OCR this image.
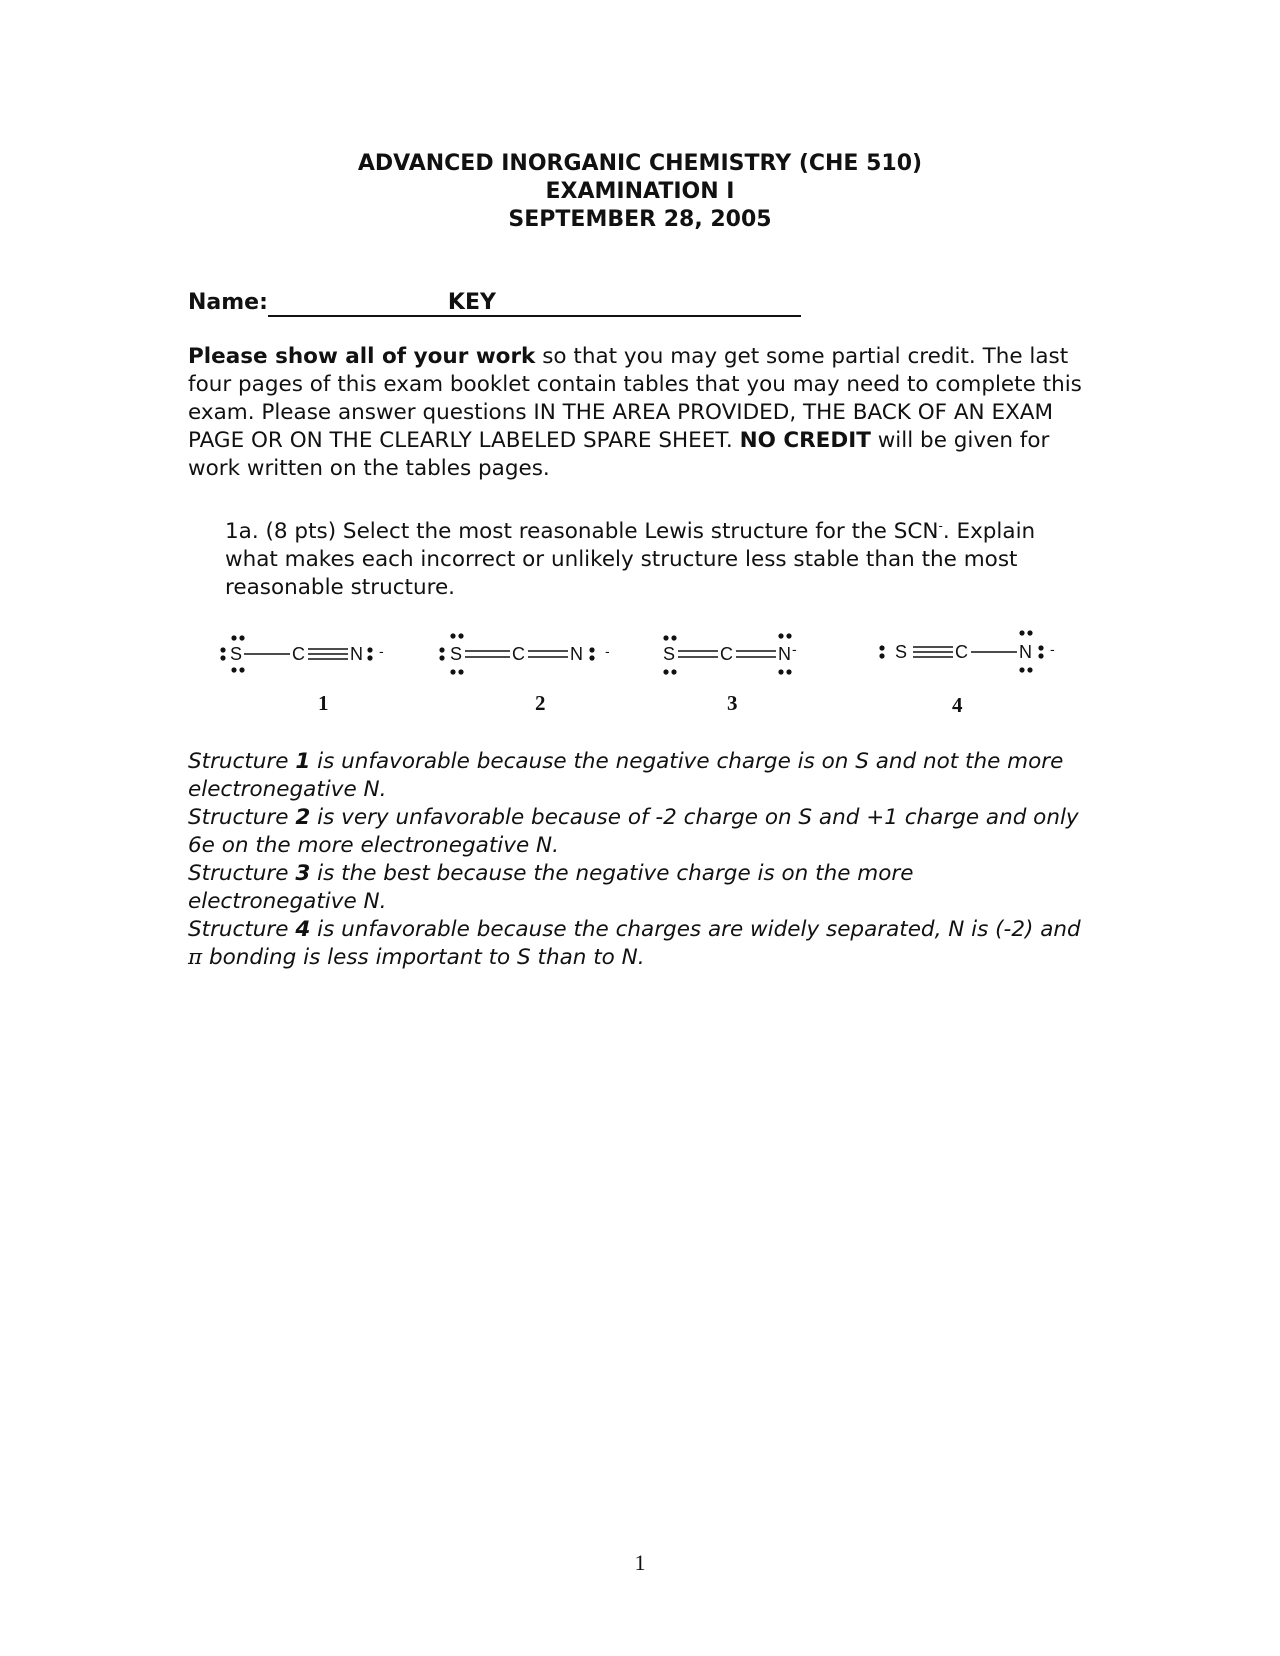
ADVANCED INORGANIC CHEMISTRY (CHE 510)
EXAMINATION I
SEPTEMBER 28, 2005
Name:	KEY
Please show all of your work so that you may get some partial credit. The last four pages of this exam booklet contain tables that you may need to complete this exam. Please answer questions IN THE AREA PROVIDED, THE BACK OF AN EXAM PAGE OR ON THE CLEARLY LABELED SPARE SHEET. NO CREDIT will be given for work written on the tables pages.
1a. (8 pts) Select the most reasonable Lewis structure for the SCN-. Explain what makes each incorrect or unlikely structure less stable than the most reasonable structure.
S	C	N -
1
S	C	N -
2
S C	N -
3
S	C	N -
4
Structure 1 is unfavorable because the negative charge is on S and not the more electronegative N.
Structure 2 is very unfavorable because of -2 charge on S and +1 charge and only 6e on the more electronegative N.
Structure 3 is the best because the negative charge is on the more electronegative N.
Structure 4 is unfavorable because the charges are widely separated, N is (-2) and π bonding is less important to S than to N.
1
